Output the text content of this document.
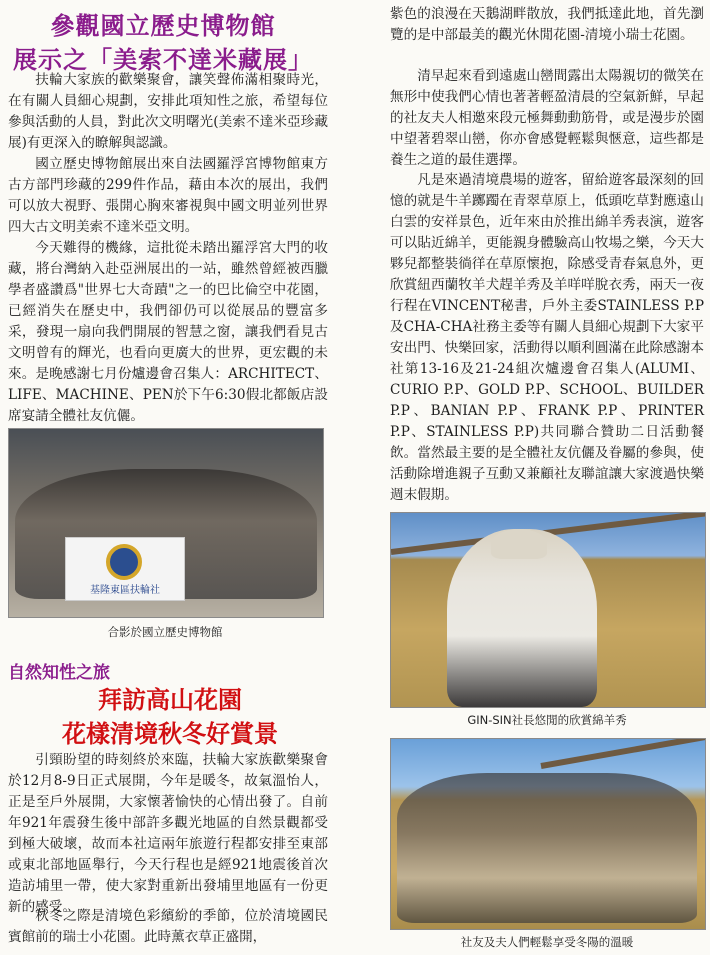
參觀國立歷史博物館
展示之「美索不達米藏展」

扶輪大家族的歡樂聚會，讓笑聲佈滿相聚時光，在有關人員細心規劃，安排此項知性之旅，希望每位參與活動的人員，對此次文明曙光(美索不達米亞珍藏展)有更深入的瞭解與認識。

國立歷史博物館展出來自法國羅浮宮博物館東方古方部門珍藏的299件作品，藉由本次的展出，我們可以放大視野、張開心胸來審視與中國文明並列世界四大古文明美索不達米亞文明。

今天難得的機緣，這批從未踏出羅浮宮大門的收藏，將台灣納入赴亞洲展出的一站，雖然曾經被西臘學者盛讚爲"世界七大奇蹟"之一的巴比倫空中花園，已經消失在歷史中，我們卻仍可以從展品的豐富多采，發現一扇向我們開展的智慧之窗，讓我們看見古文明曾有的輝光，也看向更廣大的世界，更宏觀的未來。是晚感謝七月份爐邊會召集人：ARCHITECT、LIFE、MACHINE、PEN於下午6:30假北都飯店設席宴請全體社友伉儷。

基隆東區扶輪社
合影於國立歷史博物館
自然知性之旅
拜訪高山花園
花樣清境秋冬好賞景

引頸盼望的時刻終於來臨，扶輪大家族歡樂聚會於12月8-9日正式展開，今年是暖冬，故氣溫怡人，正是至戶外展開，大家懷著愉快的心情出發了。自前年921年震發生後中部許多觀光地區的自然景觀都受到極大破壞，故而本社這兩年旅遊行程都安排至東部或東北部地區舉行，今天行程也是經921地震後首次造訪埔里一帶，使大家對重新出發埔里地區有一份更新的感受。

秋冬之際是清境色彩繽紛的季節，位於清境國民賓館前的瑞士小花園。此時薰衣草正盛開，

紫色的浪漫在天鵝湖畔散放，我們抵達此地，首先瀏覽的是中部最美的觀光休閒花園-清境小瑞士花園。

清早起來看到遠處山巒間露出太陽親切的微笑在無形中使我們心情也著著輕盈清晨的空氣新鮮，早起的社友夫人相邀來段元極舞動動筋骨，或是漫步於園中望著碧翠山巒，你亦會感覺輕鬆與愜意，這些都是養生之道的最佳選擇。

凡是來過清境農場的遊客，留給遊客最深刻的回憶的就是牛羊躑躅在青翠草原上，低頭吃草對應遠山白雲的安祥景色，近年來由於推出綿羊秀表演，遊客可以貼近綿羊，更能親身體驗高山牧場之樂，今天大夥兒都整裝徜徉在草原懷抱，除感受青春氣息外，更欣賞紐西蘭牧羊犬趕羊秀及羊咩咩脫衣秀，兩天一夜行程在VINCENT秘書，戶外主委STAINLESS P.P及CHA-CHA社務主委等有關人員細心規劃下大家平安出門、快樂回家，活動得以順利圓滿在此除感謝本社第13-16及21-24組次爐邊會召集人(ALUMI、CURIO P.P、GOLD P.P、SCHOOL、BUILDER P.P、BANIAN P.P、FRANK P.P、PRINTER P.P、STAINLESS P.P)共同聯合贊助二日活動餐飲。當然最主要的是全體社友伉儷及眷屬的參與，使活動除增進親子互動又兼顧社友聯誼讓大家渡過快樂週末假期。

GIN-SIN社長悠閒的欣賞綿羊秀
社友及夫人們輕鬆享受冬陽的溫暖
